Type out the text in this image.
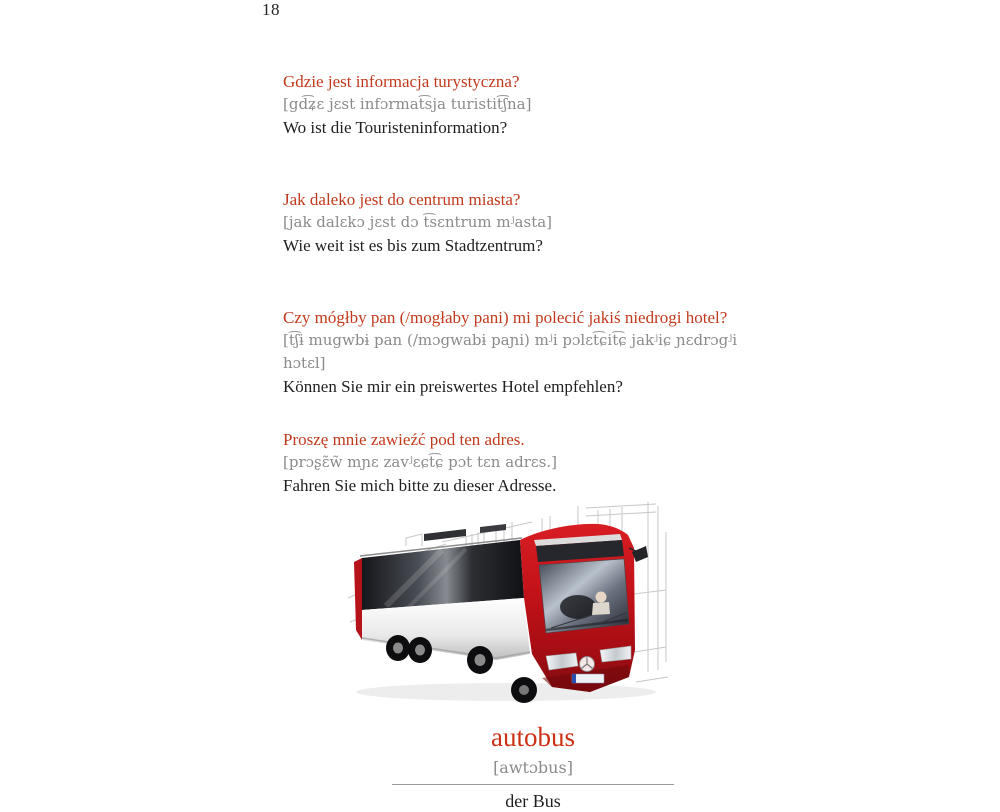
18

Gdzie jest informacja turystyczna?

[gd͡ʑɛ jɛst infɔrmat͡sja turistit͡ʃna]

Wo ist die Touristeninformation?

Jak daleko jest do centrum miasta?

[jak dalɛkɔ jɛst dɔ t͡sɛntrum mʲasta]

Wie weit ist es bis zum Stadtzentrum?

Czy mógłby pan (/mogłaby pani) mi polecić jakiś niedrogi hotel?

[t͡ʃɨ mugwbɨ pan (/mɔgwabɨ paɲi) mʲi pɔlɛt͡ɕit͡ɕ jakʲiɕ ɲɛdrɔgʲi hɔtɛl]

Können Sie mir ein preiswertes Hotel empfehlen?

Proszę mnie zawieźć pod ten adres.

[prɔʂɛ̃w̃ mɲɛ zavʲɛɕt͡ɕ pɔt tɛn adrɛs.]

Fahren Sie mich bitte zu dieser Adresse.

autobus
[awtɔbus]
der Bus
